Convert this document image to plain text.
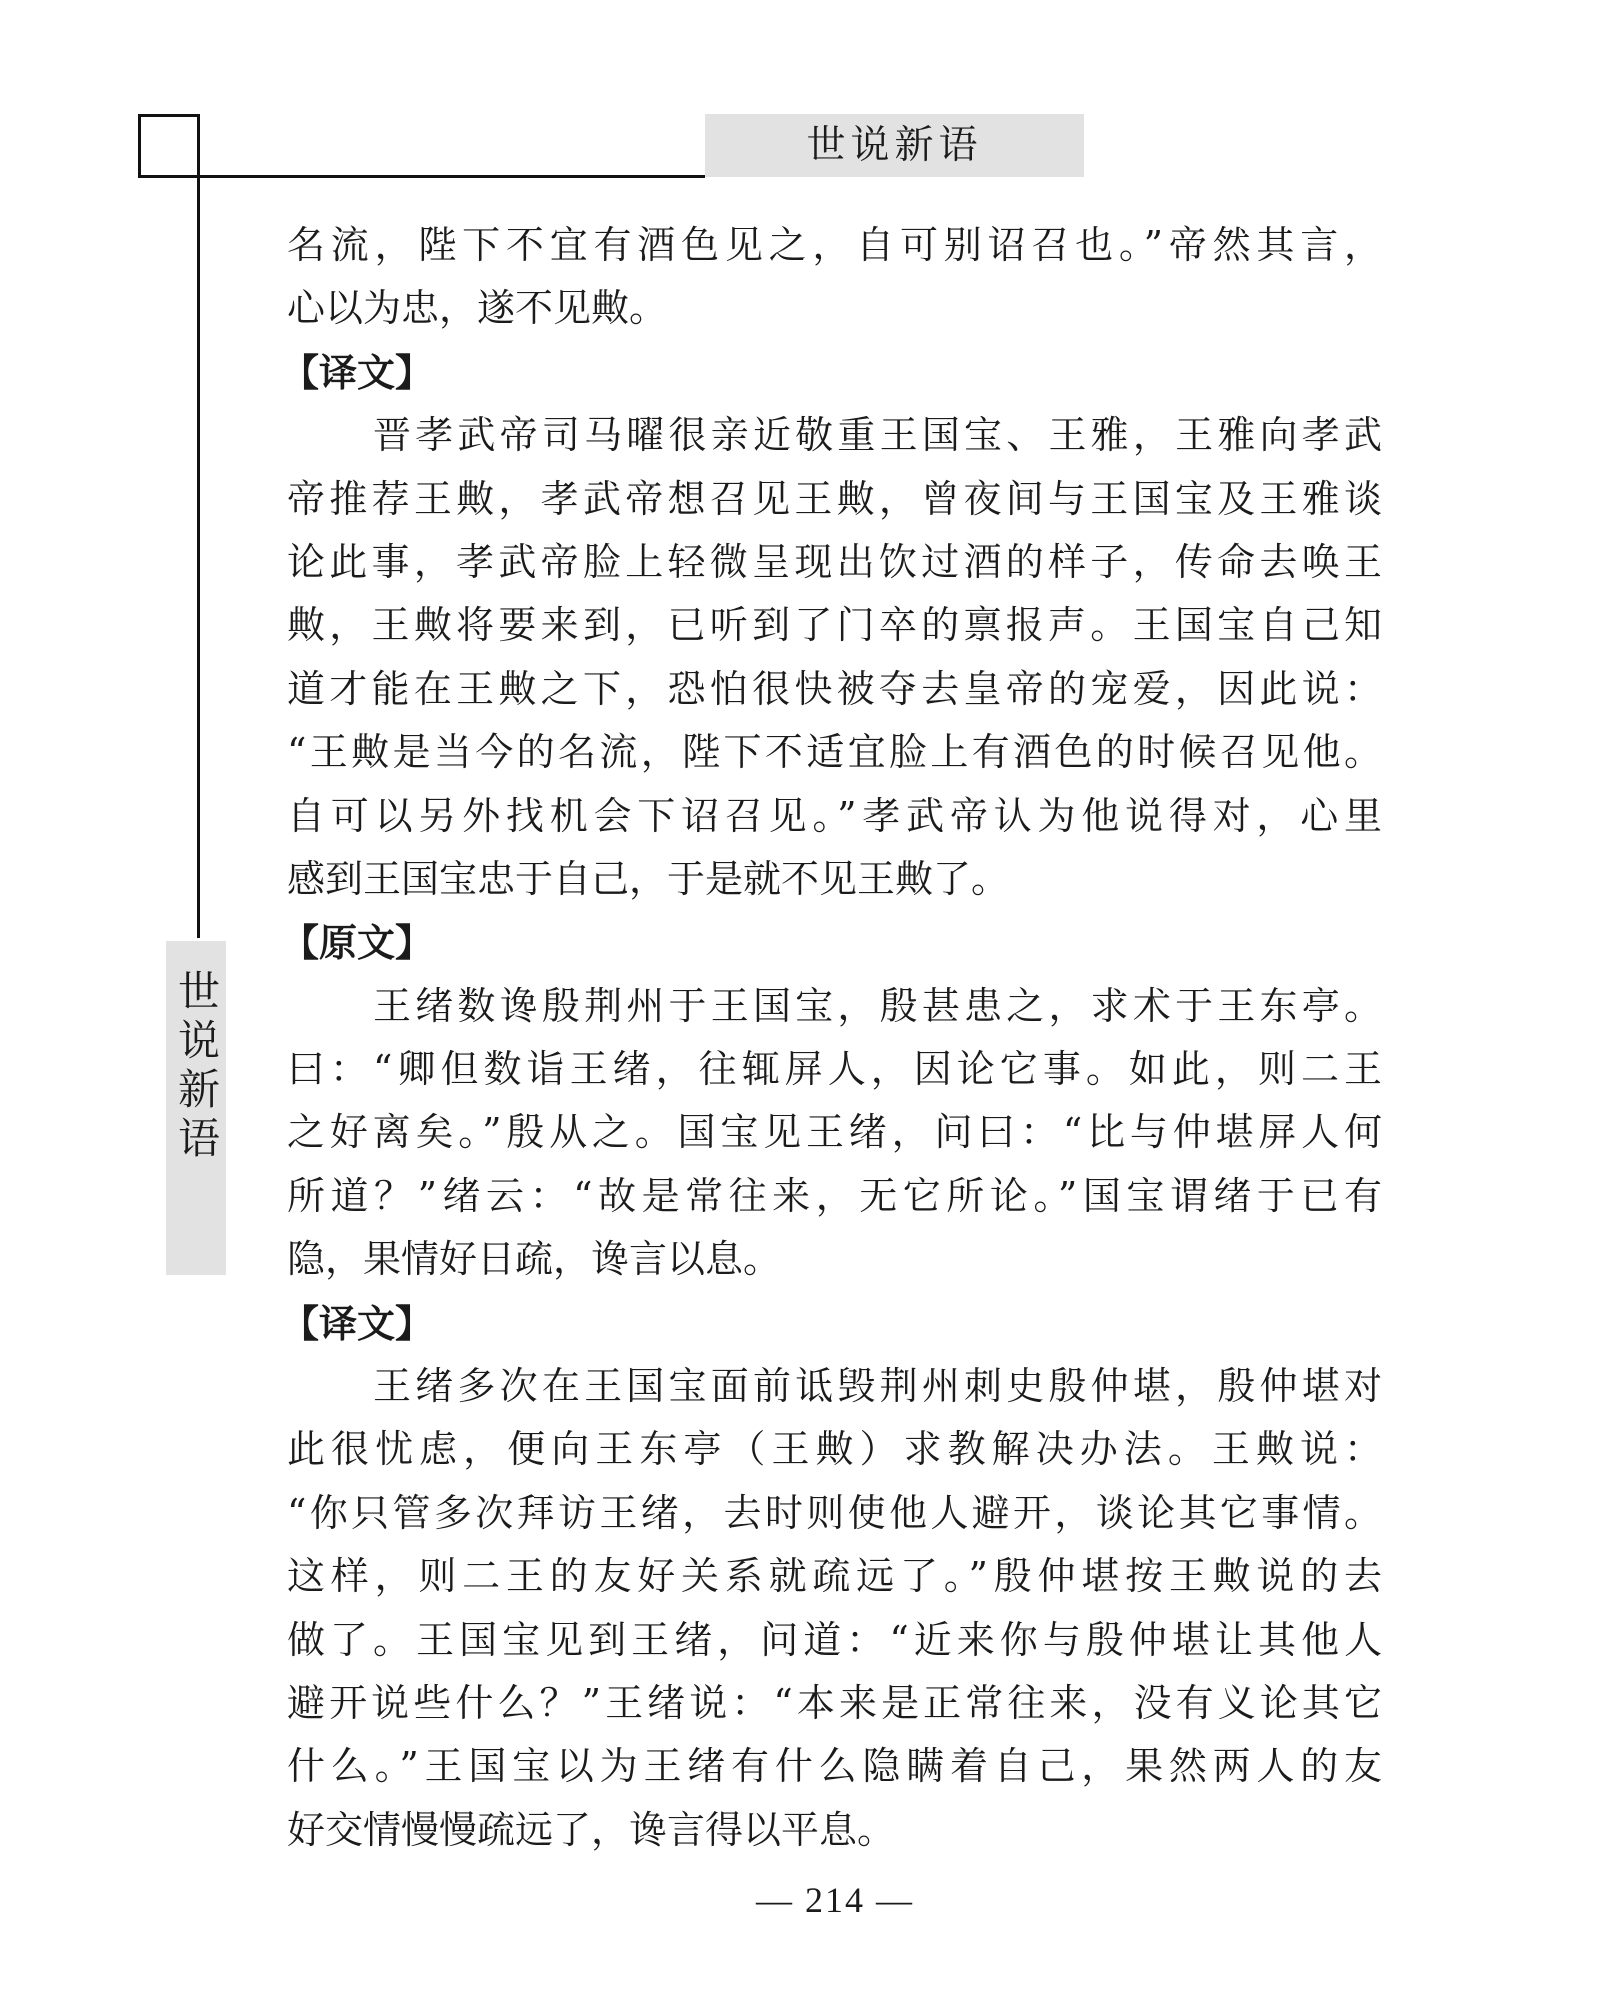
世说新语
世说新语
名流，陛下不宜有酒色见之，自可别诏召也。”帝然其言，
心以为忠，遂不见敟。
【译文】
晋孝武帝司马曜很亲近敬重王国宝、王雅，王雅向孝武
帝推荐王敟，孝武帝想召见王敟，曾夜间与王国宝及王雅谈
论此事，孝武帝脸上轻微呈现出饮过酒的样子，传命去唤王
敟，王敟将要来到，已听到了门卒的禀报声。王国宝自己知
道才能在王敟之下，恐怕很快被夺去皇帝的宠爱，因此说：
“王敟是当今的名流，陛下不适宜脸上有酒色的时候召见他。
自可以另外找机会下诏召见。”孝武帝认为他说得对，心里
感到王国宝忠于自己，于是就不见王敟了。
【原文】
王绪数谗殷荆州于王国宝，殷甚患之，求术于王东亭。
曰：“卿但数诣王绪，往辄屏人，因论它事。如此，则二王
之好离矣。”殷从之。国宝见王绪，问曰：“比与仲堪屏人何
所道？”绪云：“故是常往来，无它所论。”国宝谓绪于已有
隐，果情好日疏，谗言以息。
【译文】
王绪多次在王国宝面前诋毁荆州刺史殷仲堪，殷仲堪对
此很忧虑，便向王东亭（王敟）求教解决办法。王敟说：
“你只管多次拜访王绪，去时则使他人避开，谈论其它事情。
这样，则二王的友好关系就疏远了。”殷仲堪按王敟说的去
做了。王国宝见到王绪，问道：“近来你与殷仲堪让其他人
避开说些什么？”王绪说：“本来是正常往来，没有义论其它
什么。”王国宝以为王绪有什么隐瞒着自己，果然两人的友
好交情慢慢疏远了，谗言得以平息。
— 214 —
